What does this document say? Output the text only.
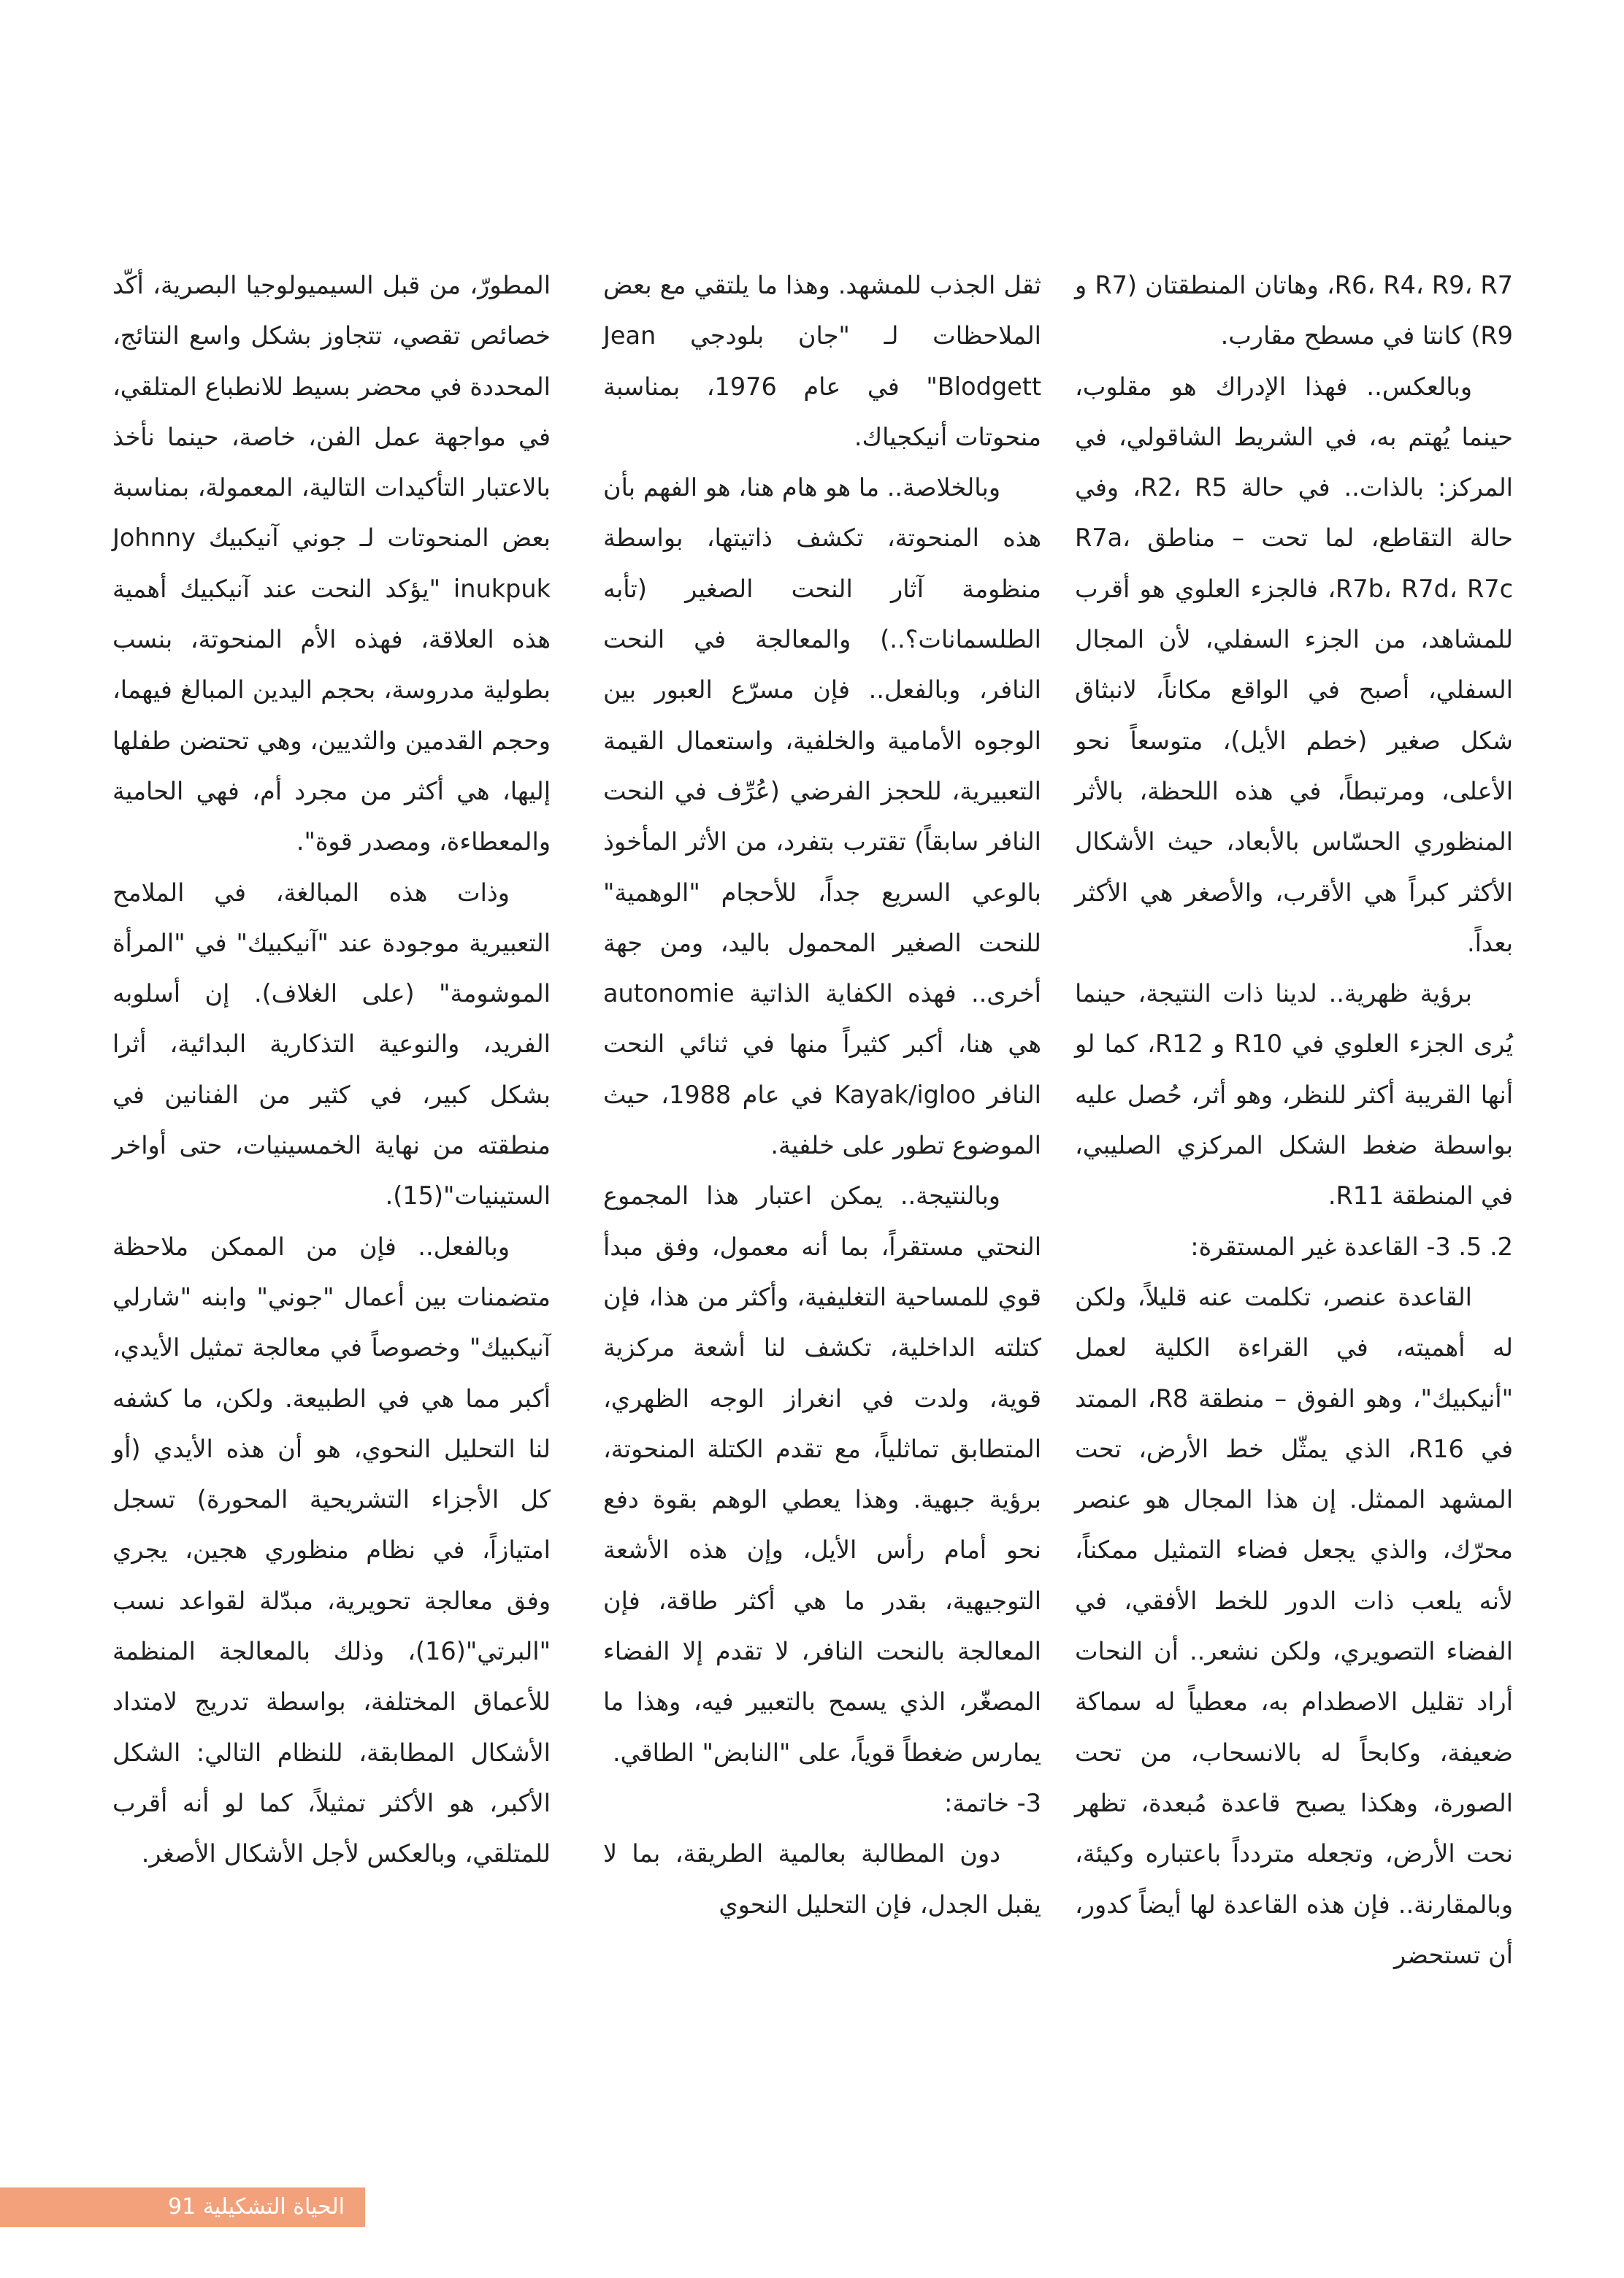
R6، R4، R9، R7، وهاتان المنطقتان (R7 و R9) كانتا في مسطح مقارب.

وبالعكس.. فهذا الإدراك هو مقلوب، حينما يُهتم به، في الشريط الشاقولي، في المركز: بالذات.. في حالة R2، R5، وفي حالة التقاطع، لما تحت – مناطق R7a، R7b، R7d، R7c، فالجزء العلوي هو أقرب للمشاهد، من الجزء السفلي، لأن المجال السفلي، أصبح في الواقع مكاناً، لانبثاق شكل صغير (خطم الأيل)، متوسعاً نحو الأعلى، ومرتبطاً، في هذه اللحظة، بالأثر المنظوري الحسّاس بالأبعاد، حيث الأشكال الأكثر كبراً هي الأقرب، والأصغر هي الأكثر بعداً.

برؤية ظهرية.. لدينا ذات النتيجة، حينما يُرى الجزء العلوي في R10 و R12، كما لو أنها القريبة أكثر للنظر، وهو أثر، حُصل عليه بواسطة ضغط الشكل المركزي الصليبي، في المنطقة R11.

2. 5. 3- القاعدة غير المستقرة:

القاعدة عنصر، تكلمت عنه قليلاً، ولكن له أهميته، في القراءة الكلية لعمل "أنيكبيك"، وهو الفوق – منطقة R8، الممتد في R16، الذي يمثّل خط الأرض، تحت المشهد الممثل. إن هذا المجال هو عنصر محرّك، والذي يجعل فضاء التمثيل ممكناً، لأنه يلعب ذات الدور للخط الأفقي، في الفضاء التصويري، ولكن نشعر.. أن النحات أراد تقليل الاصطدام به، معطياً له سماكة ضعيفة، وكابحاً له بالانسحاب، من تحت الصورة، وهكذا يصبح قاعدة مُبعدة، تظهر نحت الأرض، وتجعله متردداً باعتباره وكيئة، وبالمقارنة.. فإن هذه القاعدة لها أيضاً كدور، أن تستحضر

ثقل الجذب للمشهد. وهذا ما يلتقي مع بعض الملاحظات لـ "جان بلودجي Jean Blodgett" في عام 1976، بمناسبة منحوتات أنيكجياك.

وبالخلاصة.. ما هو هام هنا، هو الفهم بأن هذه المنحوتة، تكشف ذاتيتها، بواسطة منظومة آثار النحت الصغير (تأبه الطلسمانات؟..) والمعالجة في النحت النافر، وبالفعل.. فإن مسرّع العبور بين الوجوه الأمامية والخلفية، واستعمال القيمة التعبيرية، للحجز الفرضي (عُرِّف في النحت النافر سابقاً) تقترب بتفرد، من الأثر المأخوذ بالوعي السريع جداً، للأحجام "الوهمية" للنحت الصغير المحمول باليد، ومن جهة أخرى.. فهذه الكفاية الذاتية autonomie هي هنا، أكبر كثيراً منها في ثنائي النحت النافر Kayak/igloo في عام 1988، حيث الموضوع تطور على خلفية.

وبالنتيجة.. يمكن اعتبار هذا المجموع النحتي مستقراً، بما أنه معمول، وفق مبدأ قوي للمساحية التغليفية، وأكثر من هذا، فإن كتلته الداخلية، تكشف لنا أشعة مركزية قوية، ولدت في انغراز الوجه الظهري، المتطابق تماثلياً، مع تقدم الكتلة المنحوتة، برؤية جبهية. وهذا يعطي الوهم بقوة دفع نحو أمام رأس الأيل، وإن هذه الأشعة التوجيهية، بقدر ما هي أكثر طاقة، فإن المعالجة بالنحت النافر، لا تقدم إلا الفضاء المصغّر، الذي يسمح بالتعبير فيه، وهذا ما يمارس ضغطاً قوياً، على "النابض" الطاقي.

3- خاتمة:

دون المطالبة بعالمية الطريقة، بما لا يقبل الجدل، فإن التحليل النحوي

المطورّ، من قبل السيميولوجيا البصرية، أكّد خصائص تقصي، تتجاوز بشكل واسع النتائج، المحددة في محضر بسيط للانطباع المتلقي، في مواجهة عمل الفن، خاصة، حينما نأخذ بالاعتبار التأكيدات التالية، المعمولة، بمناسبة بعض المنحوتات لـ جوني آنيكبيك Johnny inukpuk "يؤكد النحت عند آنيكبيك أهمية هذه العلاقة، فهذه الأم المنحوتة، بنسب بطولية مدروسة، بحجم اليدين المبالغ فيهما، وحجم القدمين والثديين، وهي تحتضن طفلها إليها، هي أكثر من مجرد أم، فهي الحامية والمعطاءة، ومصدر قوة".

وذات هذه المبالغة، في الملامح التعبيرية موجودة عند "آنيكبيك" في "المرأة الموشومة" (على الغلاف). إن أسلوبه الفريد، والنوعية التذكارية البدائية، أثرا بشكل كبير، في كثير من الفنانين في منطقته من نهاية الخمسينيات، حتى أواخر الستينيات"(15).

وبالفعل.. فإن من الممكن ملاحظة متضمنات بين أعمال "جوني" وابنه "شارلي آنيكبيك" وخصوصاً في معالجة تمثيل الأيدي، أكبر مما هي في الطبيعة. ولكن، ما كشفه لنا التحليل النحوي، هو أن هذه الأيدي (أو كل الأجزاء التشريحية المحورة) تسجل امتيازاً، في نظام منظوري هجين، يجري وفق معالجة تحويرية، مبدّلة لقواعد نسب "البرتي"(16)، وذلك بالمعالجة المنظمة للأعماق المختلفة، بواسطة تدريج لامتداد الأشكال المطابقة، للنظام التالي: الشكل الأكبر، هو الأكثر تمثيلاً، كما لو أنه أقرب للمتلقي، وبالعكس لأجل الأشكال الأصغر.

الحياة التشكيلية 91
